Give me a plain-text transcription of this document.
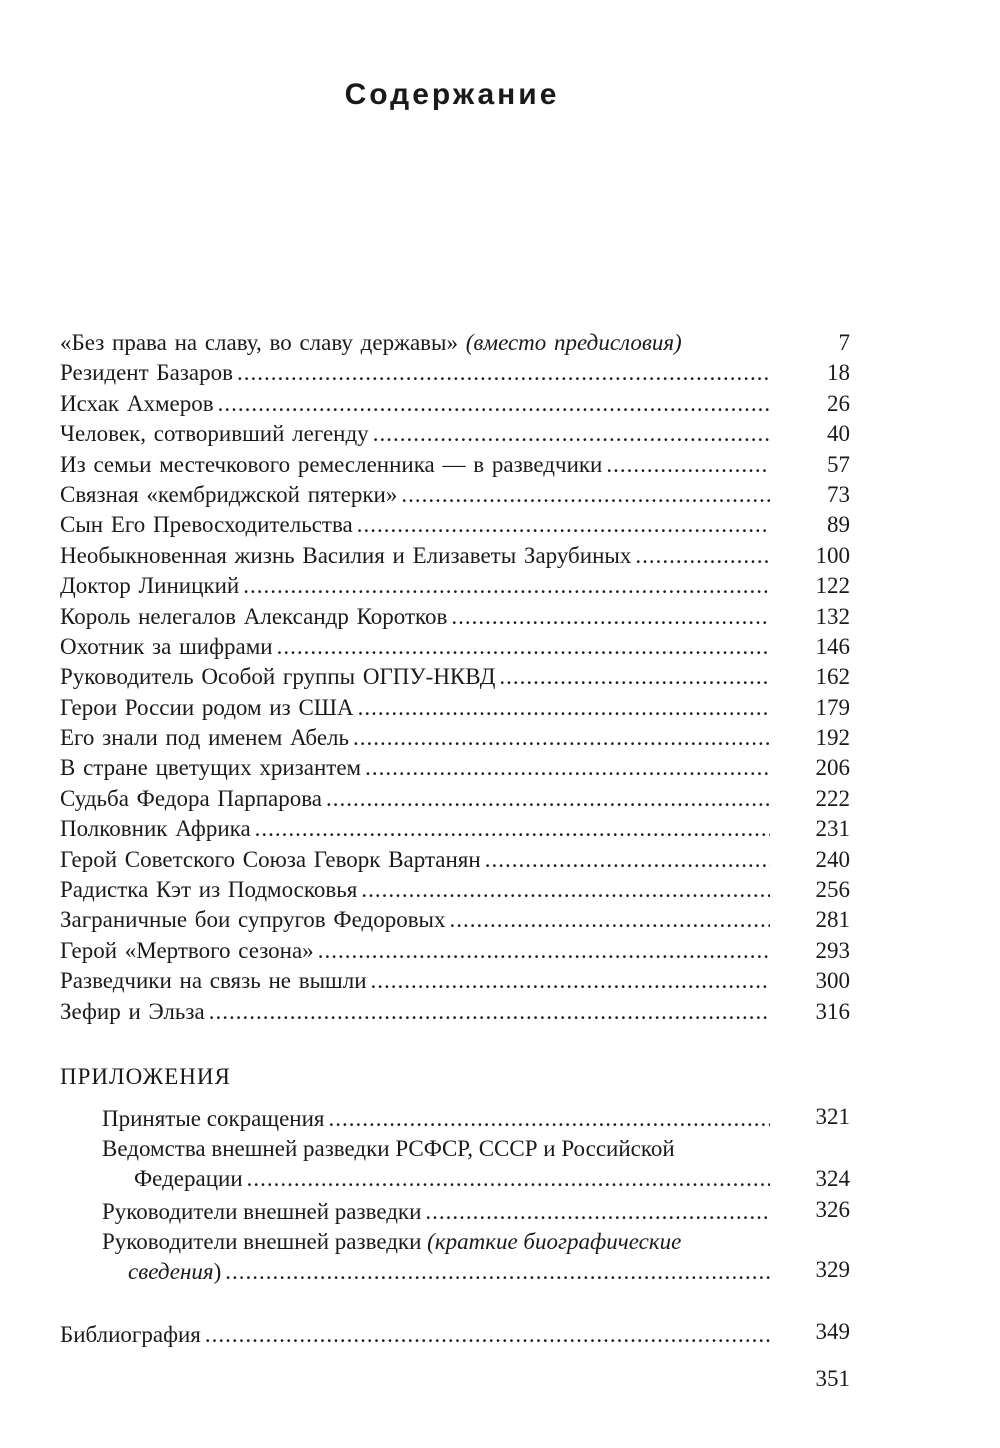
Содержание
«Без права на славу, во славу державы» (вместо предисловия)	7
Резидент Базаров .....	18
Исхак Ахмеров .....	26
Человек, сотворивший легенду .....	40
Из семьи местечкового ремесленника — в разведчики .....	57
Связная «кембриджской пятерки» .....	73
Сын Его Превосходительства .....	89
Необыкновенная жизнь Василия и Елизаветы Зарубиных .....	100
Доктор Линицкий .....	122
Король нелегалов Александр Коротков .....	132
Охотник за шифрами .....	146
Руководитель Особой группы ОГПУ-НКВД .....	162
Герои России родом из США .....	179
Его знали под именем Абель .....	192
В стране цветущих хризантем .....	206
Судьба Федора Парпарова .....	222
Полковник Африка .....	231
Герой Советского Союза Геворк Вартанян .....	240
Радистка Кэт из Подмосковья .....	256
Заграничные бои супругов Федоровых .....	281
Герой «Мертвого сезона» .....	293
Разведчики на связь не вышли .....	300
Зефир и Эльза .....	316
ПРИЛОЖЕНИЯ
Принятые сокращения .....	321
Ведомства внешней разведки РСФСР, СССР и Российской
Федерации .....	324
Руководители внешней разведки .....	326
Руководители внешней разведки (краткие биографические
сведения) .....	329
Библиография .....	349
351
